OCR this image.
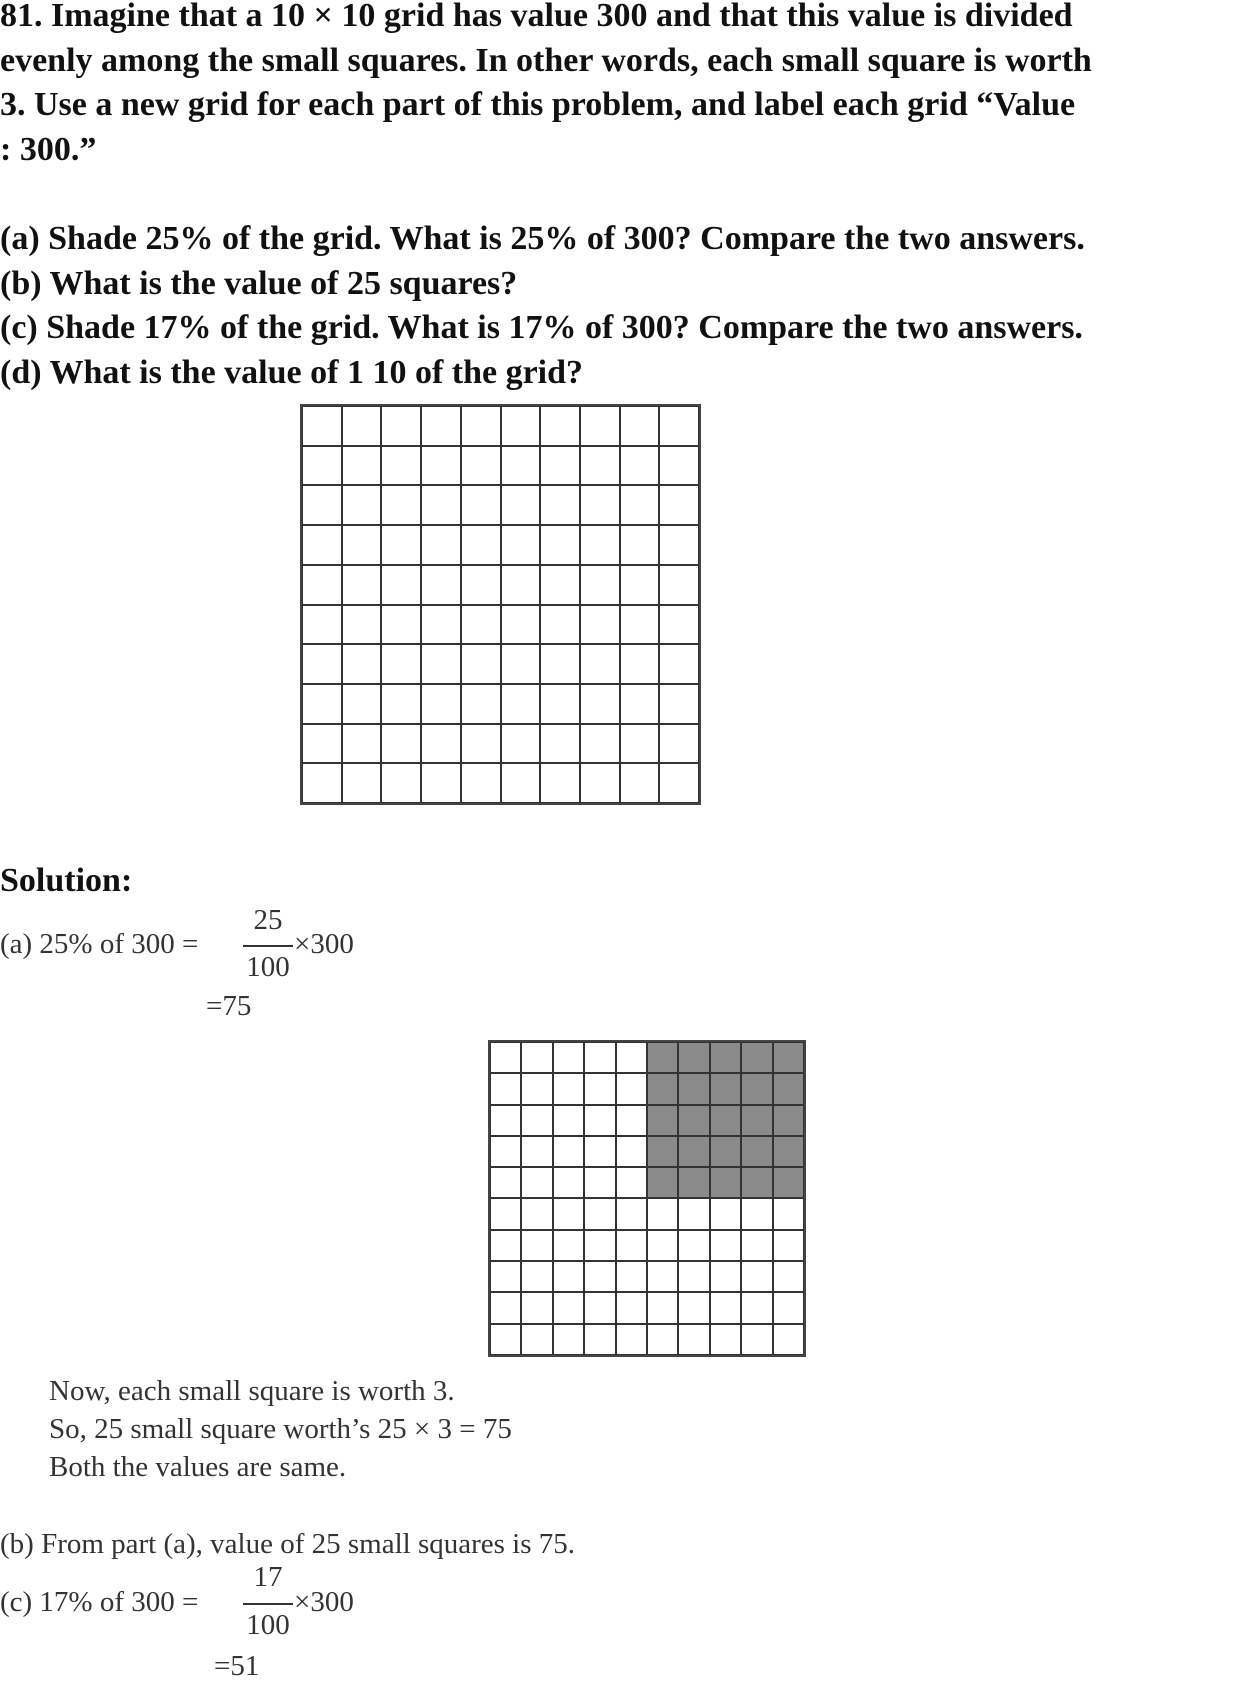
81. Imagine that a 10 × 10 grid has value 300 and that this value is divided
evenly among the small squares. In other words, each small square is worth
3. Use a new grid for each part of this problem, and label each grid “Value
: 300.”
(a) Shade 25% of the grid. What is 25% of 300? Compare the two answers.
(b) What is the value of 25 squares?
(c) Shade 17% of the grid. What is 17% of 300? Compare the two answers.
(d) What is the value of 1 10 of the grid?
Solution:
(a) 25% of 300 =
25
100
×300
=75
Now, each small square is worth 3.
So, 25 small square worth’s 25 × 3 = 75
Both the values are same.
(b) From part (a), value of 25 small squares is 75.
(c) 17% of 300 =
17
100
×300
=51
